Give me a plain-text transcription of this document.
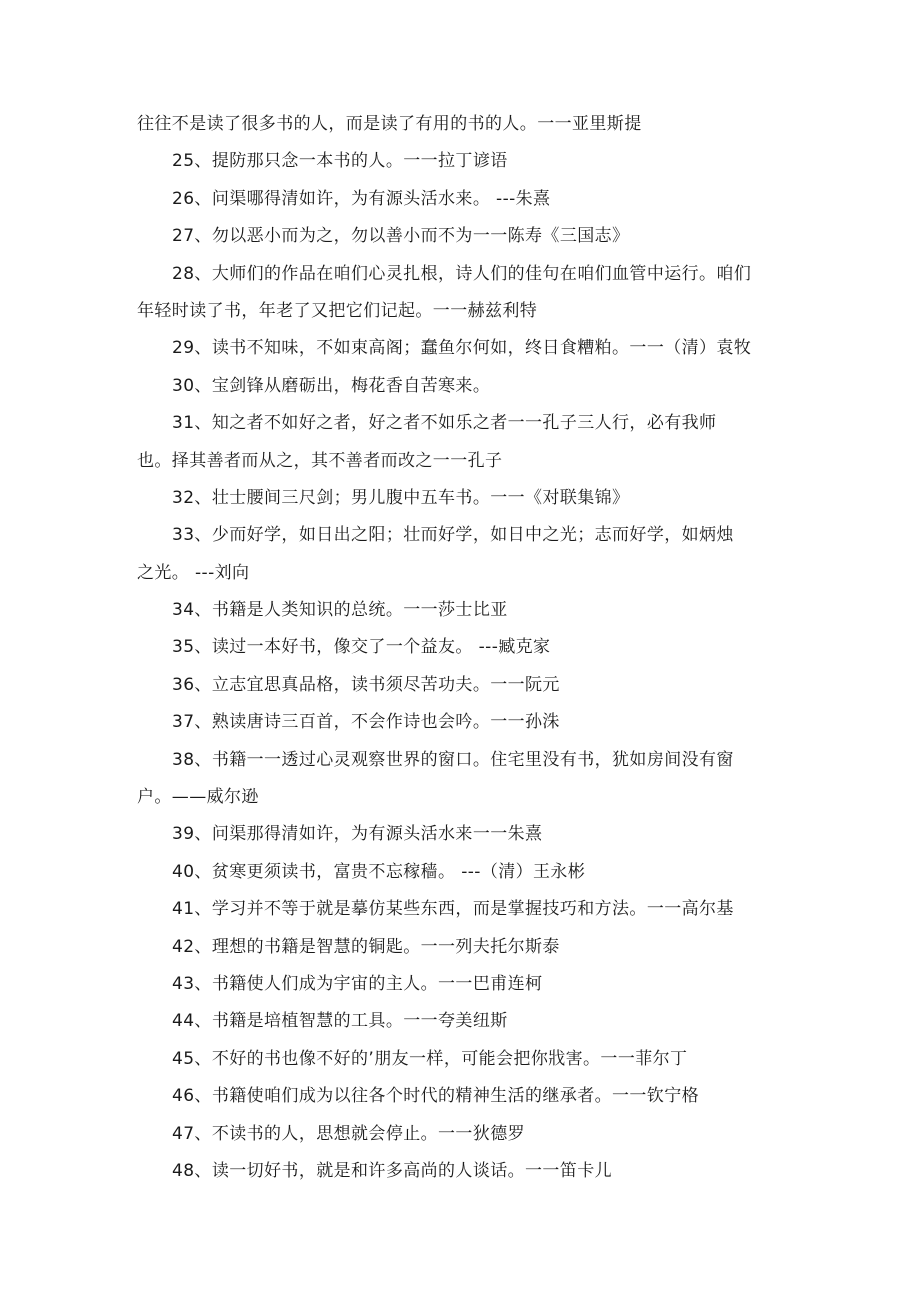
往往不是读了很多书的人，而是读了有用的书的人。一一亚里斯提
25、提防那只念一本书的人。一一拉丁谚语
26、问渠哪得清如许，为有源头活水来。 ---朱熹
27、勿以恶小而为之，勿以善小而不为一一陈寿《三国志》
28、大师们的作品在咱们心灵扎根，诗人们的佳句在咱们血管中运行。咱们
年轻时读了书，年老了又把它们记起。一一赫兹利特
29、读书不知味，不如束高阁；蠢鱼尔何如，终日食糟粕。一一（清）袁牧
30、宝剑锋从磨砺出，梅花香自苦寒来。
31、知之者不如好之者，好之者不如乐之者一一孔子三人行，必有我师
也。择其善者而从之，其不善者而改之一一孔子
32、壮士腰间三尺剑；男儿腹中五车书。一一《对联集锦》
33、少而好学，如日出之阳；壮而好学，如日中之光；志而好学，如炳烛
之光。 ---刘向
34、书籍是人类知识的总统。一一莎士比亚
35、读过一本好书，像交了一个益友。 ---臧克家
36、立志宜思真品格，读书须尽苦功夫。一一阮元
37、熟读唐诗三百首，不会作诗也会吟。一一孙洙
38、书籍一一透过心灵观察世界的窗口。住宅里没有书，犹如房间没有窗
户。——威尔逊
39、问渠那得清如许，为有源头活水来一一朱熹
40、贫寒更须读书，富贵不忘稼穑。 ---（清）王永彬
41、学习并不等于就是摹仿某些东西，而是掌握技巧和方法。一一高尔基
42、理想的书籍是智慧的铜匙。一一列夫托尔斯泰
43、书籍使人们成为宇宙的主人。一一巴甫连柯
44、书籍是培植智慧的工具。一一夸美纽斯
45、不好的书也像不好的’朋友一样，可能会把你戕害。一一菲尔丁
46、书籍使咱们成为以往各个时代的精神生活的继承者。一一钦宁格
47、不读书的人，思想就会停止。一一狄德罗
48、读一切好书，就是和许多高尚的人谈话。一一笛卡儿
